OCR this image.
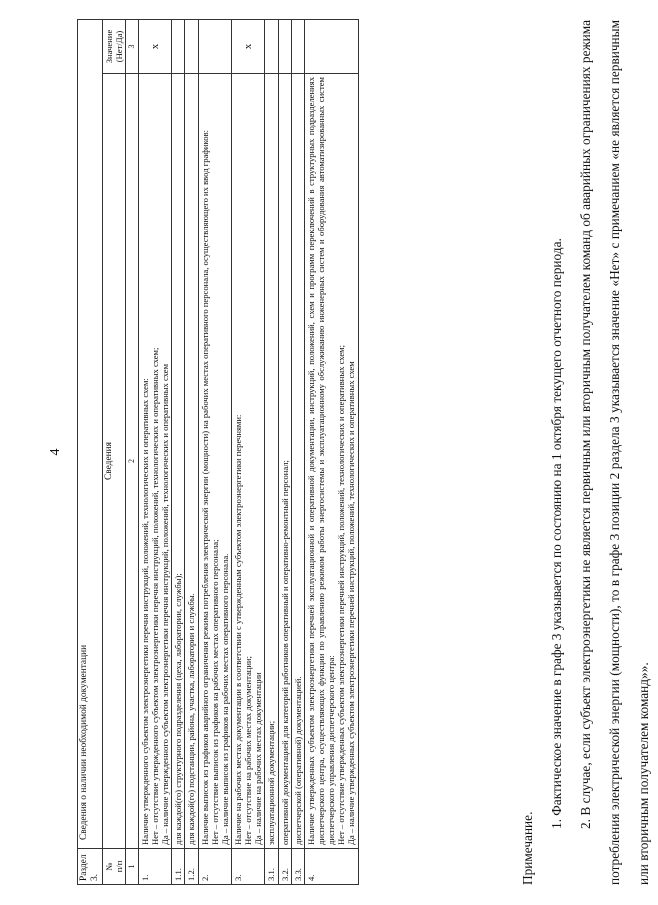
4
Раздел 3.	Сведения о наличии необходимой документации	
№
п/п	Сведения	Значение
(Нет/Да)
1	2	3
1.	Наличие утвержденного субъектом электроэнергетики перечня инструкций, положений, технологических и оперативных схем: Нет – отсутствие утвержденного субъектом электроэнергетики перечня инструкций, положений, технологических и оперативных схем; Да – наличие утвержденного субъектом электроэнергетики перечня инструкций, положений, технологических и оперативных схем	х
1.1.	для каждой(го) структурного подразделения (цеха, лаборатории, службы);	

1.2.	для каждой(го) подстанции, района, участка, лаборатории и службы.	

2.	Наличие выписок из графиков аварийного ограничения режима потребления электрической энергии (мощности) на рабочих местах оперативного персонала, осуществляющего их ввод графиков: Нет – отсутствие выписок из графиков на рабочих местах оперативного персонала; Да – наличие выписок из графиков на рабочих местах оперативного персонала.	

3.	Наличие на рабочих местах документации в соответствии с утвержденным субъектом электроэнергетики перечнями: Нет – отсутствие на рабочих местах документации; Да – наличие на рабочих местах документации	х
3.1.	эксплуатационной документации;	

3.2.	оперативной документацией для категорий работников оперативный и оперативно-ремонтный персонал;	

3.3.	диспетчерской (оперативной) документацией.	

4.	Наличие утвержденных субъектом электроэнергетики перечней эксплуатационной и оперативной документации, инструкций, положений, схем и программ переключений в структурных подразделениях диспетчерского центра, осуществляющих функции по управлению режимом работы энергосистемы и эксплуатационному обслуживанию инженерных систем и оборудования автоматизированных систем диспетчерского управления диспетчерского центра: Нет – отсутствие утвержденных субъектом электроэнергетики перечней инструкций, положений, технологических и оперативных схем; Да – наличие утвержденных субъектом электроэнергетики перечней инструкций, положений, технологических и оперативных схем	

Примечание.
1. Фактическое значение в графе 3 указывается по состоянию на 1 октября текущего отчетного периода.	2. В случае, если субъект электроэнергетики не является первичным или вторичным получателем команд об аварийных ограничениях режима потребления электрической энергии (мощности), то в графе 3 позиции 2 раздела 3 указывается значение «Нет» с примечанием «не является первичным или вторичным получателем команд»».
